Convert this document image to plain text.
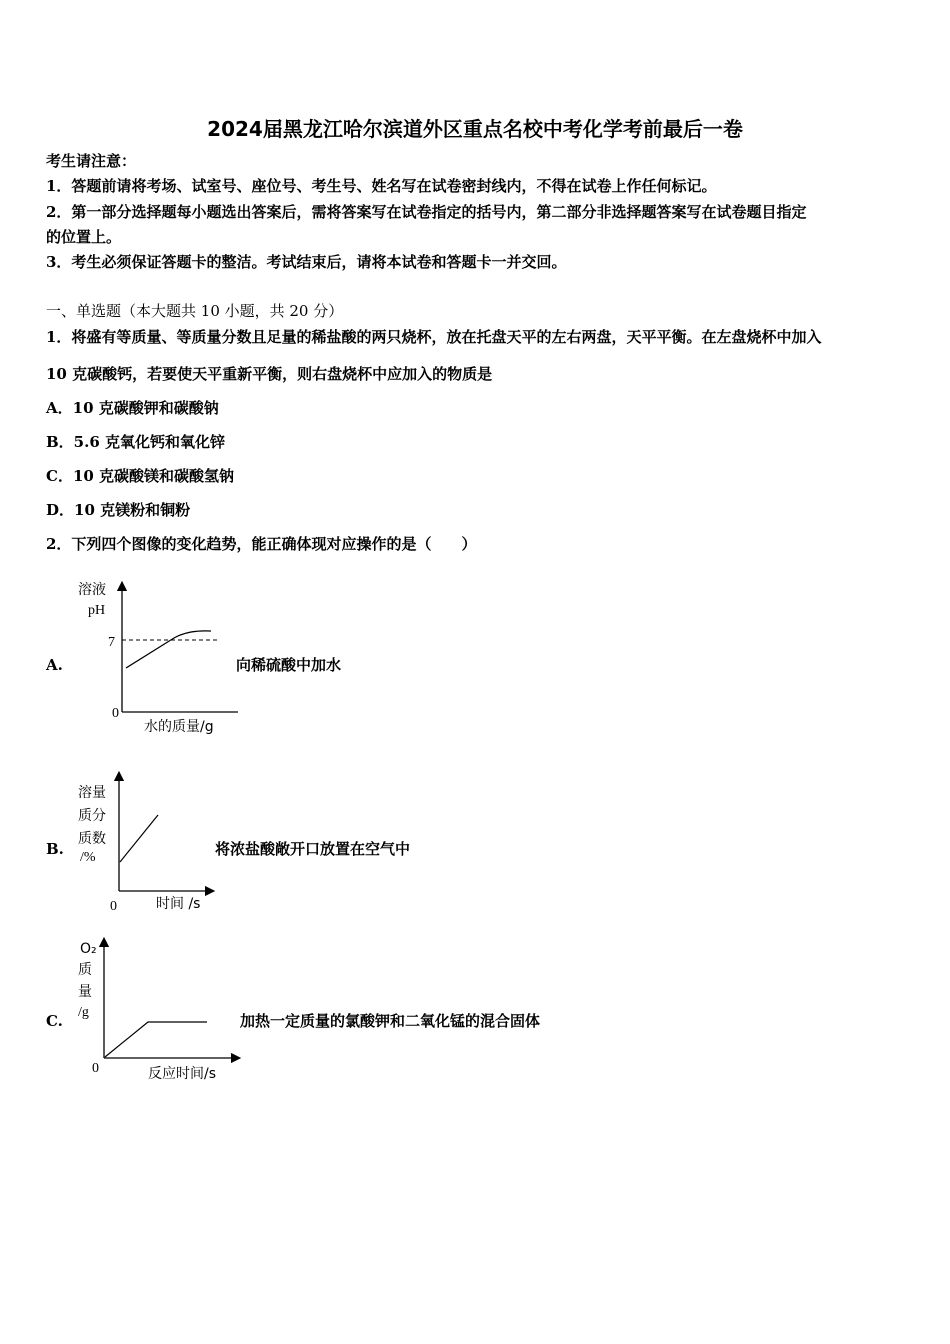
2024届黑龙江哈尔滨道外区重点名校中考化学考前最后一卷
考生请注意：
1．答题前请将考场、试室号、座位号、考生号、姓名写在试卷密封线内，不得在试卷上作任何标记。
2．第一部分选择题每小题选出答案后，需将答案写在试卷指定的括号内，第二部分非选择题答案写在试卷题目指定
的位置上。
3．考生必须保证答题卡的整洁。考试结束后，请将本试卷和答题卡一并交回。
一、单选题（本大题共 10 小题，共 20 分）
1．将盛有等质量、等质量分数且足量的稀盐酸的两只烧杯，放在托盘天平的左右两盘，天平平衡。在左盘烧杯中加入
10 克碳酸钙，若要使天平重新平衡，则右盘烧杯中应加入的物质是
A．10 克碳酸钾和碳酸钠
B．5.6 克氧化钙和氧化锌
C．10 克碳酸镁和碳酸氢钠
D．10 克镁粉和铜粉
2．下列四个图像的变化趋势，能正确体现对应操作的是（　　）
A.
溶液
pH
7
0
水的质量/g
向稀硫酸中加水
B.
溶量
质分
质数
/%
0	时间 /s
将浓盐酸敞开口放置在空气中
C.
O₂
质
量
/g
0	反应时间/s
加热一定质量的氯酸钾和二氧化锰的混合固体
